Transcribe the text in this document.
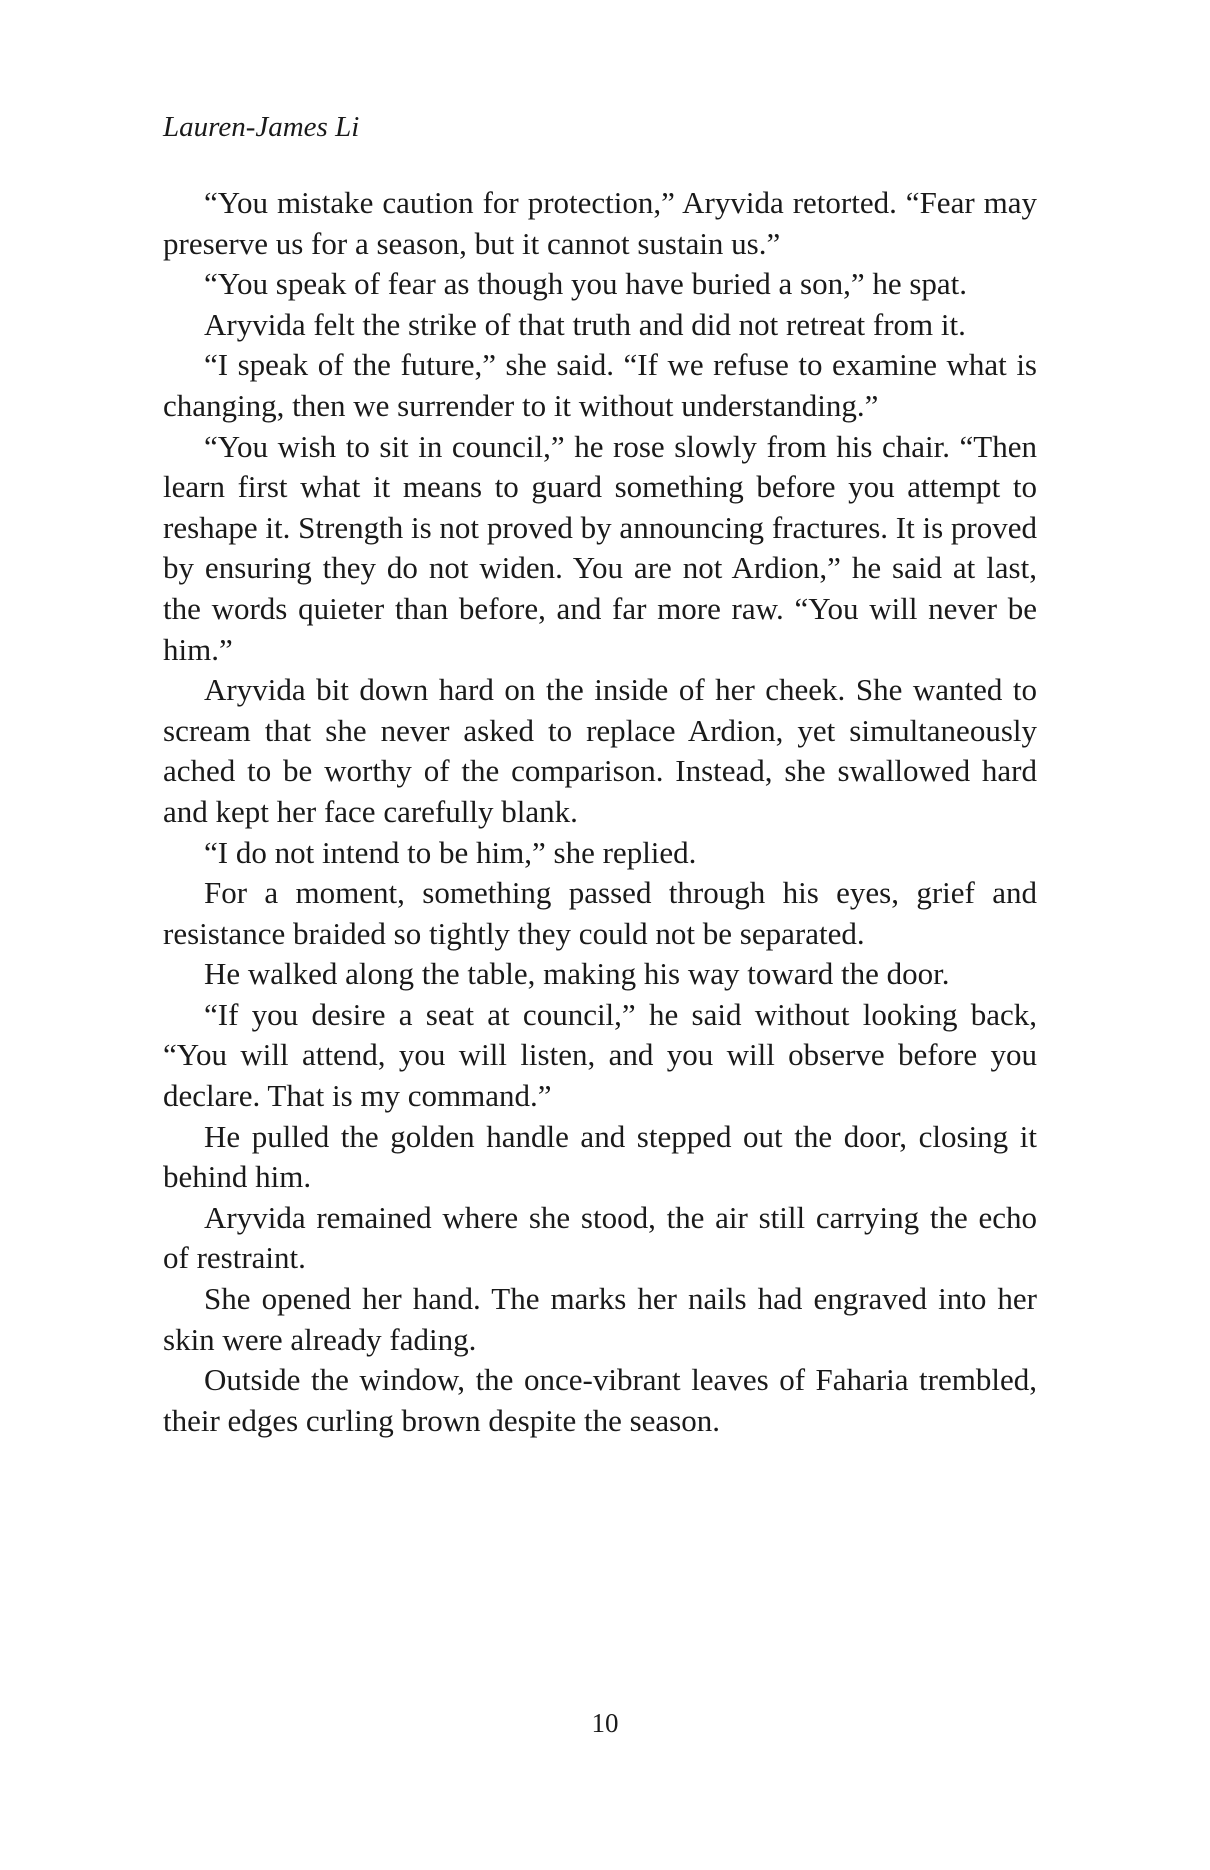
Lauren-James Li

“You mistake caution for protection,” Aryvida retorted. “Fear may preserve us for a season, but it cannot sustain us.”

“You speak of fear as though you have buried a son,” he spat.

Aryvida felt the strike of that truth and did not retreat from it.

“I speak of the future,” she said. “If we refuse to examine what is changing, then we surrender to it without understanding.”

“You wish to sit in council,” he rose slowly from his chair. “Then learn first what it means to guard something before you attempt to reshape it. Strength is not proved by announcing fractures. It is proved by ensuring they do not widen. You are not Ardion,” he said at last, the words quieter than before, and far more raw. “You will never be him.”

Aryvida bit down hard on the inside of her cheek. She wanted to scream that she never asked to replace Ardion, yet simultaneously ached to be worthy of the comparison. Instead, she swallowed hard and kept her face carefully blank.

“I do not intend to be him,” she replied.

For a moment, something passed through his eyes, grief and resistance braided so tightly they could not be separated.

He walked along the table, making his way toward the door.

“If you desire a seat at council,” he said without looking back, “You will attend, you will listen, and you will observe before you declare. That is my command.”

He pulled the golden handle and stepped out the door, closing it behind him.

Aryvida remained where she stood, the air still carrying the echo of restraint.

She opened her hand. The marks her nails had engraved into her skin were already fading.

Outside the window, the once-vibrant leaves of Faharia trembled, their edges curling brown despite the season.

10
